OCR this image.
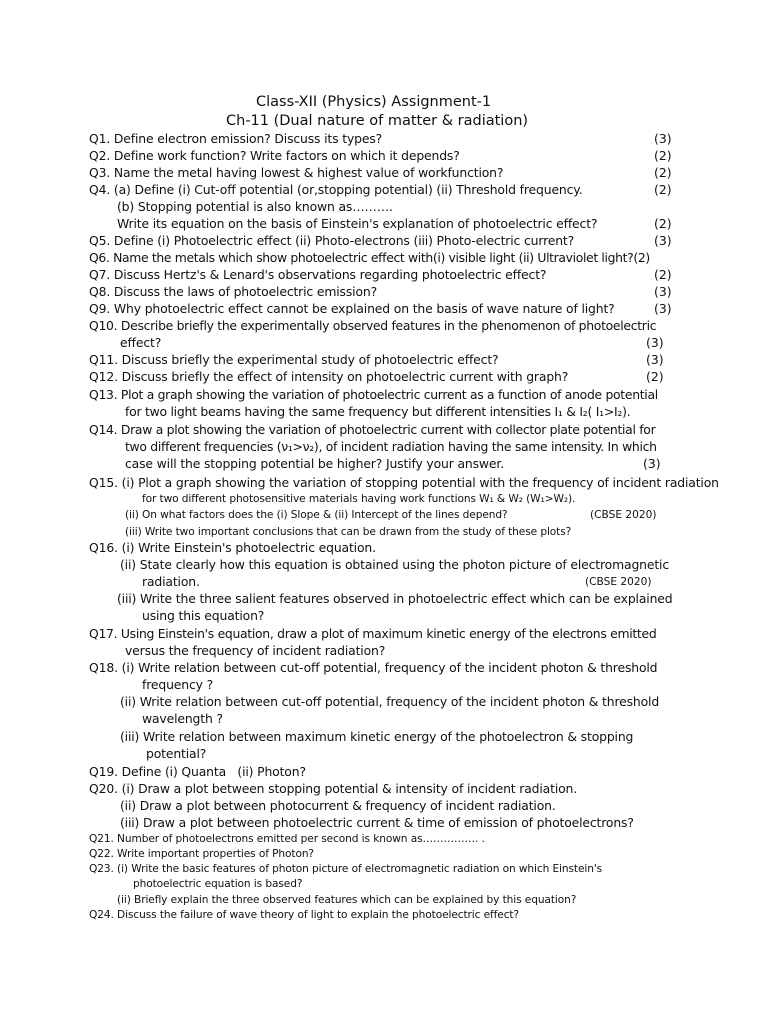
Class-XII (Physics) Assignment-1
Ch-11 (Dual nature of matter & radiation)
Q1. Define electron emission? Discuss its types?	(3)
Q2. Define work function? Write factors on which it depends?	(2)
Q3. Name the metal having lowest & highest value of workfunction?	(2)
Q4. (a) Define (i) Cut-off potential (or,stopping potential) (ii) Threshold frequency.	(2)
(b) Stopping potential is also known as……….
Write its equation on the basis of Einstein's explanation of photoelectric effect?	(2)
Q5. Define (i) Photoelectric effect (ii) Photo-electrons (iii) Photo-electric current?	(3)
Q6. Name the metals which show photoelectric effect with(i) visible light (ii) Ultraviolet light?(2)
Q7. Discuss Hertz's & Lenard's observations regarding photoelectric effect?	(2)
Q8. Discuss the laws of photoelectric emission?	(3)
Q9. Why photoelectric effect cannot be explained on the basis of wave nature of light?	(3)
Q10. Describe briefly the experimentally observed features in the phenomenon of photoelectric
effect?	(3)
Q11. Discuss briefly the experimental study of photoelectric effect?	(3)
Q12. Discuss briefly the effect of intensity on photoelectric current with graph?	(2)
Q13. Plot a graph showing the variation of photoelectric current as a function of anode potential
for two light beams having the same frequency but different intensities I₁ & I₂( I₁>I₂).
Q14. Draw a plot showing the variation of photoelectric current with collector plate potential for
two different frequencies (ν₁>ν₂), of incident radiation having the same intensity. In which
case will the stopping potential be higher? Justify your answer.	(3)
Q15. (i) Plot a graph showing the variation of stopping potential with the frequency of incident radiation
for two different photosensitive materials having work functions W₁ & W₂ (W₁>W₂).
(ii) On what factors does the (i) Slope & (ii) Intercept of the lines depend?	(CBSE 2020)
(iii) Write two important conclusions that can be drawn from the study of these plots?
Q16. (i) Write Einstein's photoelectric equation.
(ii) State clearly how this equation is obtained using the photon picture of electromagnetic
radiation.	(CBSE 2020)
(iii) Write the three salient features observed in photoelectric effect which can be explained
using this equation?
Q17. Using Einstein's equation, draw a plot of maximum kinetic energy of the electrons emitted
versus the frequency of incident radiation?
Q18. (i) Write relation between cut-off potential, frequency of the incident photon & threshold
frequency ?
(ii) Write relation between cut-off potential, frequency of the incident photon & threshold
wavelength ?
(iii) Write relation between maximum kinetic energy of the photoelectron & stopping
potential?
Q19. Define (i) Quanta   (ii) Photon?
Q20. (i) Draw a plot between stopping potential & intensity of incident radiation.
(ii) Draw a plot between photocurrent & frequency of incident radiation.
(iii) Draw a plot between photoelectric current & time of emission of photoelectrons?
Q21. Number of photoelectrons emitted per second is known as……………. .
Q22. Write important properties of Photon?
Q23. (i) Write the basic features of photon picture of electromagnetic radiation on which Einstein's
photoelectric equation is based?
(ii) Briefly explain the three observed features which can be explained by this equation?
Q24. Discuss the failure of wave theory of light to explain the photoelectric effect?
